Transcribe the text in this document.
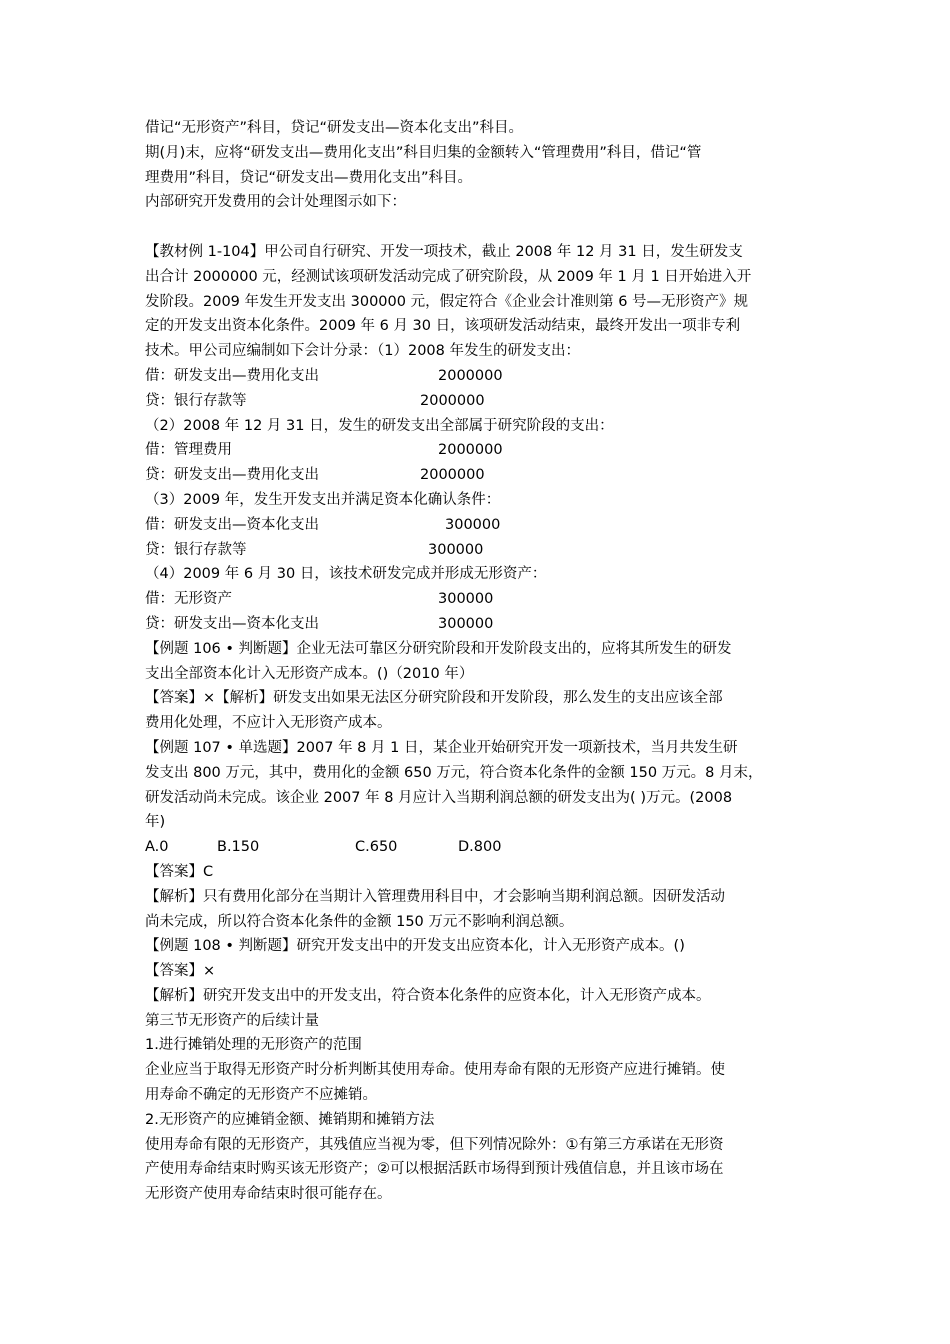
借记“无形资产”科目，贷记“研发支出—资本化支出”科目。
期(月)末，应将“研发支出—费用化支出”科目归集的金额转入“管理费用”科目，借记“管
理费用”科目，贷记“研发支出—费用化支出”科目。
内部研究开发费用的会计处理图示如下：
【教材例 1-104】甲公司自行研究、开发一项技术，截止 2008 年 12 月 31 日，发生研发支
出合计 2000000 元，经测试该项研发活动完成了研究阶段，从 2009 年 1 月 1 日开始进入开
发阶段。2009 年发生开发支出 300000 元，假定符合《企业会计准则第 6 号—无形资产》规
定的开发支出资本化条件。2009 年 6 月 30 日，该项研发活动结束，最终开发出一项非专利
技术。甲公司应编制如下会计分录：（1）2008 年发生的研发支出：
借：研发支出—费用化支出	2000000
贷：银行存款等	2000000
（2）2008 年 12 月 31 日，发生的研发支出全部属于研究阶段的支出：
借：管理费用	2000000
贷：研发支出—费用化支出	2000000
（3）2009 年，发生开发支出并满足资本化确认条件：
借：研发支出—资本化支出	300000
贷：银行存款等	300000
（4）2009 年 6 月 30 日，该技术研发完成并形成无形资产：
借：无形资产	300000
贷：研发支出—资本化支出	300000
【例题 106 • 判断题】企业无法可靠区分研究阶段和开发阶段支出的，应将其所发生的研发
支出全部资本化计入无形资产成本。()（2010 年）
【答案】×【解析】研发支出如果无法区分研究阶段和开发阶段，那么发生的支出应该全部
费用化处理，不应计入无形资产成本。
【例题 107 • 单选题】2007 年 8 月 1 日，某企业开始研究开发一项新技术，当月共发生研
发支出 800 万元，其中，费用化的金额 650 万元，符合资本化条件的金额 150 万元。8 月末，
研发活动尚未完成。该企业 2007 年 8 月应计入当期利润总额的研发支出为( )万元。(2008
年)
A.0	B.150	C.650	D.800
【答案】C
【解析】只有费用化部分在当期计入管理费用科目中，才会影响当期利润总额。因研发活动
尚未完成，所以符合资本化条件的金额 150 万元不影响利润总额。
【例题 108 • 判断题】研究开发支出中的开发支出应资本化，计入无形资产成本。()
【答案】×
【解析】研究开发支出中的开发支出，符合资本化条件的应资本化，计入无形资产成本。
第三节无形资产的后续计量
1.进行摊销处理的无形资产的范围
企业应当于取得无形资产时分析判断其使用寿命。使用寿命有限的无形资产应进行摊销。使
用寿命不确定的无形资产不应摊销。
2.无形资产的应摊销金额、摊销期和摊销方法
使用寿命有限的无形资产，其残值应当视为零，但下列情况除外：①有第三方承诺在无形资
产使用寿命结束时购买该无形资产；②可以根据活跃市场得到预计残值信息，并且该市场在
无形资产使用寿命结束时很可能存在。
